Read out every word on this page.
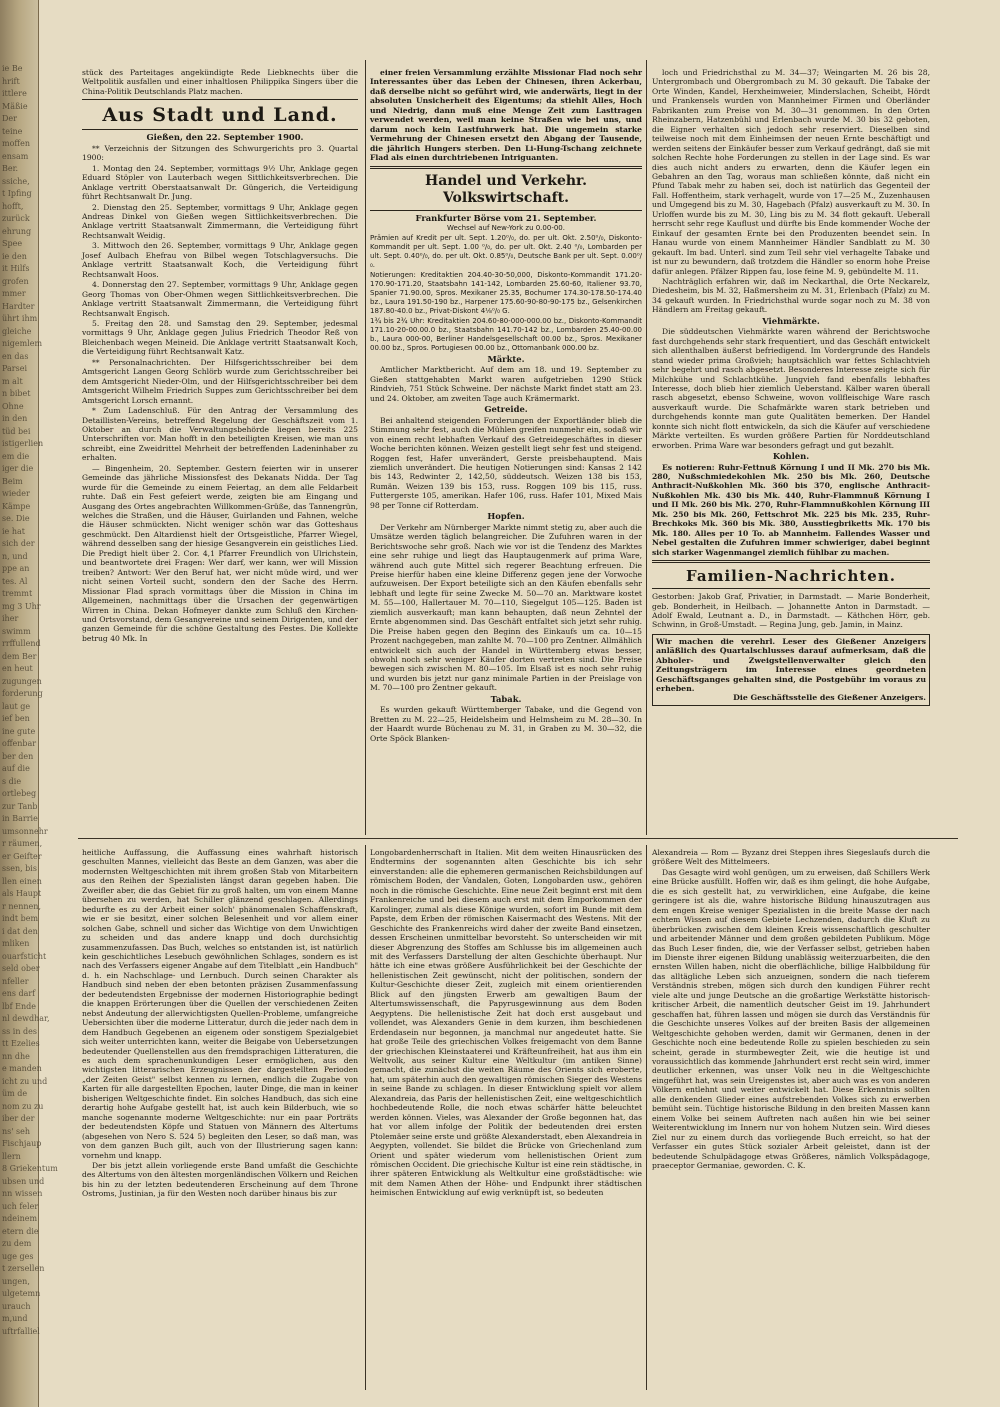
ie Be
hrift
ittlere
Mäßie
Der
teine
moffen
ensam
Ber.
ssiche,
t Ipfing
hofft,
zurück
ehrung
Spee
ie den
it Hilfs
grofen
mmer
Hardter
ührt ihm
gleiche
nigemlem
en das
Parsei
m alt
n bibet
Ohne
in den
tüd bei
istigerlien
em die
iger die
Beim
wieder
Kämpe
se. Die
ie hat
sich der
n, und
ppe an
tes. Al
tremmt
mg 3 Uhr
iher
swimm
rrffullend
dem Ber
en heut
zugungen
forderung
laut ge
ief ben
ine gute
offenbar
ber den
auf die
s die
ortlebeg
zur Tanb
in Barrie
umsonnehr
r räumen,
er Geifter
ssen, bis
llen einen
als Haupt
r nennen,
indt bem
i dat den
mliken
ouarfsticht
seld ober
nfeller
ens darf
lbf Ende
nl dewdhar,
ss in des
tt Ezelies
nn dhe
e manden
icht zu und
üm de
nom zu zu
iber der
ns' seh
Fischjaup
llern
8 Griekentum
ubsen und
nn wissen
uch feler
ndeinem
etern die
zu dem
uge ges
t zersellen
ungen,
ulgetemn
urauch
m,und
uftrfalliel

stück des Parteitages angekündigte Rede Liebknechts über die Weltpolitik ausfallen und einer inhaltlosen Philippika Singers über die China-Politik Deutschlands Platz machen.

Aus Stadt und Land.

Gießen, den 22. September 1900.

** Verzeichnis der Sitzungen des Schwurgerichts pro 3. Quartal 1900:

1. Montag den 24. September, vormittags 9½ Uhr, Anklage gegen Eduard Stöpler von Lauterbach wegen Sittlichkeitsverbrechen. Die Anklage vertritt Oberstaatsanwalt Dr. Güngerich, die Verteidigung führt Rechtsanwalt Dr. Jung.

2. Dienstag den 25. September, vormittags 9 Uhr, Anklage gegen Andreas Dinkel von Gießen wegen Sittlichkeitsverbrechen. Die Anklage vertritt Staatsanwalt Zimmermann, die Verteidigung führt Rechtsanwalt Weidig.

3. Mittwoch den 26. September, vormittags 9 Uhr, Anklage gegen Josef Aulbach Ehefrau von Bilbel wegen Totschlagversuchs. Die Anklage vertritt Staatsanwalt Koch, die Verteidigung führt Rechtsanwalt Hoos.

4. Donnerstag den 27. September, vormittags 9 Uhr, Anklage gegen Georg Thomas von Ober-Ohmen wegen Sittlichkeitsverbrechen. Die Anklage vertritt Staatsanwalt Zimmermann, die Verteidigung führt Rechtsanwalt Engisch.

5. Freitag den 28. und Samstag den 29. September, jedesmal vormittags 9 Uhr, Anklage gegen Julius Friedrich Theodor Reß von Bleichenbach wegen Meineid. Die Anklage vertritt Staatsanwalt Koch, die Verteidigung führt Rechtsanwalt Katz.

** Personalnachrichten. Der Hilfsgerichtsschreiber bei dem Amtsgericht Langen Georg Schlörb wurde zum Gerichtsschreiber bei dem Amtsgericht Nieder-Olm, und der Hilfsgerichtsschreiber bei dem Amtsgericht Wilhelm Friedrich Suppes zum Gerichtsschreiber bei dem Amtsgericht Lorsch ernannt.

* Zum Ladenschluß. Für den Antrag der Versammlung des Detaillisten-Vereins, betreffend Regelung der Geschäftszeit vom 1. Oktober an durch die Verwaltungsbehörde liegen bereits 225 Unterschriften vor. Man hofft in den beteiligten Kreisen, wie man uns schreibt, eine Zweidrittel Mehrheit der betreffenden Ladeninhaber zu erhalten.

— Bingenheim, 20. September. Gestern feierten wir in unserer Gemeinde das jährliche Missionsfest des Dekanats Nidda. Der Tag wurde für die Gemeinde zu einem Feiertag, an dem alle Feldarbeit ruhte. Daß ein Fest gefeiert werde, zeigten bie am Eingang und Ausgang des Ortes angebrachten Willkommen-Grüße, das Tannengrün, welches die Straßen, und die Häuser, Guirlanden und Fahnen, welche die Häuser schmückten. Nicht weniger schön war das Gotteshaus geschmückt. Den Altardienst hielt der Ortsgeistliche, Pfarrer Wiegel, während desselben sang der hiesige Gesangverein ein geistliches Lied. Die Predigt hielt über 2. Cor. 4,1 Pfarrer Freundlich von Ulrichstein, und beantwortete drei Fragen: Wer darf, wer kann, wer will Mission treiben? Antwort: Wer den Beruf hat, wer nicht müde wird, und wer nicht seinen Vorteil sucht, sondern den der Sache des Herrn. Missionar Flad sprach vormittags über die Mission in China im Allgemeinen, nachmittags über die Ursachen der gegenwärtigen Wirren in China. Dekan Hofmeyer dankte zum Schluß den Kirchen- und Ortsvorstand, dem Gesangvereine und seinem Dirigenten, und der ganzen Gemeinde für die schöne Gestaltung des Festes. Die Kollekte betrug 40 Mk. In

einer freien Versammlung erzählte Missionar Flad noch sehr Interessantes über das Leben der Chinesen, ihren Ackerbau, daß derselbe nicht so geführt wird, wie anderwärts, liegt in der absoluten Unsicherheit des Eigentums; da stiehlt Alles, Hoch und Niedrig, dann muß eine Menge Zeit zum Lasttragen verwendet werden, weil man keine Straßen wie bei uns, und darum noch kein Lastfuhrwerk hat. Die ungemein starke Vermehrung der Chinesen ersetzt den Abgang der Tausende, die jährlich Hungers sterben. Den Li-Hung-Tschang zeichnete Flad als einen durchtriebenen Intriguanten.

Handel und Verkehr. Volkswirtschaft.
Frankfurter Börse vom 21. September.

Wechsel auf New-York zu 0.00-00.

Prämien auf Kredit per ult. Sept. 1.20⁰/₀, do. per ult. Okt. 2.50⁰/₀, Diskonto-Kommandit per ult. Sept. 1.00 ⁰/₀, do. per ult. Okt. 2.40 ⁰/₀, Lombarden per ult. Sept. 0.40⁰/₀, do. per ult. Okt. 0.85⁰/₀, Deutsche Bank per ult. Sept. 0.00⁰/₀.

Notierungen: Kreditaktien 204.40-30-50,000, Diskonto-Kommandit 171.20-170.90-171.20, Staatsbahn 141-142, Lombarden 25.60-60, Italiener 93.70, Spanier 71.90.00, Spros. Mexikaner 25.35, Bochumer 174.30-178.50-174.40 bz., Laura 191.50-190 bz., Harpener 175.60-90-80-90-175 bz., Gelsenkirchen 187.80-40.0 bz., Privat-Diskont 4⅛⁰/₀ G.

1¾ bis 2¾ Uhr: Kreditaktien 204.60-80-000-000.00 bz., Diskonto-Kommandit 171.10-20-00.00.0 bz., Staatsbahn 141.70-142 bz., Lombarden 25.40-00.00 b., Laura 000-00, Berliner Handelsgesellschaft 00.00 bz., Spros. Mexikaner 00.00 bz., Spros. Portugiesen 00.00 bz., Ottomanbank 000.00 bz.

Märkte.

Amtlicher Marktbericht. Auf dem am 18. und 19. September zu Gießen stattgehabten Markt waren aufgetrieben 1290 Stück Rindvieh, 751 Stück Schweine. Der nächste Markt findet statt am 23. und 24. Oktober, am zweiten Tage auch Krämermarkt.

Getreide.

Bei anhaltend steigenden Forderungen der Exportländer blieb die Stimmung sehr fest, auch die Mühlen greifen nunmehr ein, sodaß wir von einem recht lebhaften Verkauf des Getreidegeschäftes in dieser Woche berichten können. Weizen gestellt liegt sehr fest und steigend. Roggen fest, Hafer unverändert, Gerste preisbehauptend. Mais ziemlich unverändert. Die heutigen Notierungen sind: Kansas 2 142 bis 143, Redwinter 2, 142,50, süddeutsch. Weizen 138 bis 153, Rumän. Weizen 139 bis 153, russ. Roggen 109 bis 115, russ. Futtergerste 105, amerikan. Hafer 106, russ. Hafer 101, Mixed Mais 98 per Tonne cif Rotterdam.

Hopfen.

Der Verkehr am Nürnberger Markte nimmt stetig zu, aber auch die Umsätze werden täglich belangreicher. Die Zufuhren waren in der Berichtswoche sehr groß. Nach wie vor ist die Tendenz des Marktes eine sehr ruhige und liegt das Hauptaugenmerk auf prima Ware, während auch gute Mittel sich regerer Beachtung erfreuen. Die Preise hierfür haben eine kleine Differenz gegen jene der Vorwoche aufzuweisen. Der Export beteiligte sich an den Käufen ebenfalls sehr lebhaft und legte für seine Zwecke M. 50—70 an. Marktware kostet M. 55—100, Hallertauer M. 70—110, Siegelgut 105—125. Baden ist ziemlich ausverkauft; man kann behaupten, daß neun Zehntel der Ernte abgenommen sind. Das Geschäft entfaltet sich jetzt sehr ruhig. Die Preise haben gegen den Beginn des Einkaufs um ca. 10—15 Prozent nachgegeben, man zahlte M. 70—100 pro Zentner. Allmählich entwickelt sich auch der Handel in Württemberg etwas besser, obwohl noch sehr weniger Käufer dorten vertreten sind. Die Preise bewegen sich zwischen M. 80—105. Im Elsaß ist es noch sehr ruhig und wurden bis jetzt nur ganz minimale Partien in der Preislage von M. 70—100 pro Zentner gekauft.

Tabak.

Es wurden gekauft Württemberger Tabake, und die Gegend von Bretten zu M. 22—25, Heidelsheim und Helmsheim zu M. 28—30. In der Haardt wurde Büchenau zu M. 31, in Graben zu M. 30—32, die Orte Spöck Blanken-

loch und Friedrichsthal zu M. 34—37; Weingarten M. 26 bis 28, Untergrombach und Obergrombach zu M. 30 gekauft. Die Tabake der Orte Winden, Kandel, Herxheimweier, Minderslachen, Scheibt, Hördt und Frankensels wurden von Mannheimer Firmen und Oberländer Fabrikanten zum Preise von M. 30—31 genommen. In den Orten Rheinzabern, Hatzenbühl und Erlenbach wurde M. 30 bis 32 geboten, die Eigner verhalten sich jedoch sehr reserviert. Dieselben sind teilweise noch mit dem Einheimsen der neuen Ernte beschäftigt und werden seitens der Einkäufer besser zum Verkauf gedrängt, daß sie mit solchen Rechte hohe Forderungen zu stellen in der Lage sind. Es war dies auch nicht anders zu erwarten, denn die Käufer legen ein Gebahren an den Tag, woraus man schließen könnte, daß nicht ein Pfund Tabak mehr zu haben sei, doch ist natürlich das Gegenteil der Fall. Hoffentheim, stark verhagelt, wurde von 17—25 M., Zuzenhausen und Umgegend bis zu M. 30, Hagebach (Pfalz) ausverkauft zu M. 30. In Urloffen wurde bis zu M. 30, Ling bis zu M. 34 flott gekauft. Ueberall herrscht sehr rege Kauflust und dürfte bis Ende kommender Woche der Einkauf der gesamten Ernte bei den Produzenten beendet sein. In Hanau wurde von einem Mannheimer Händler Sandblatt zu M. 30 gekauft. Im bad. Unterl. sind zum Teil sehr viel verhagelte Tabake und ist nur zu bewundern, daß trotzdem die Händler so enorm hohe Preise dafür anlegen. Pfälzer Rippen fau, lose feine M. 9, gebündelte M. 11.

Nachträglich erfahren wir, daß im Neckarthal, die Orte Neckarelz, Diedesheim, bis M. 32, Haßmersheim zu M. 31, Erlenbach (Pfalz) zu M. 34 gekauft wurden. In Friedrichsthal wurde sogar noch zu M. 38 von Händlern am Freitag gekauft.

Viehmärkte.

Die süddeutschen Viehmärkte waren während der Berichtswoche fast durchgehends sehr stark frequentiert, und das Geschäft entwickelt sich allenthalben äußerst befriedigend. Im Vordergrunde des Handels stand wieder prima Großvieh; hauptsächlich war fettes Schlachtvieh sehr begehrt und rasch abgesetzt. Besonderes Interesse zeigte sich für Milchkühe und Schlachtkühe. Jungvieh fand ebenfalls lebhaftes Interesse, doch blieb hier ziemlich Ueberstand. Kälber waren überall rasch abgesetzt, ebenso Schweine, wovon vollfleischige Ware rasch ausverkauft wurde. Die Schafmärkte waren stark betrieben und durchgehends konnte man gute Qualitäten bemerken. Der Handel konnte sich nicht flott entwickeln, da sich die Käufer auf verschiedene Märkte verteilten. Es wurden größere Partien für Norddeutschland erworben. Prima Ware war besonders gefragt und gut bezahlt.

Kohlen.

Es notieren: Ruhr-Fettnuß Körnung I und II Mk. 270 bis Mk. 280, Nußschmiedekohlen Mk. 250 bis Mk. 260, Deutsche Anthracit-Nußkohlen Mk. 360 bis 370, englische Anthracit-Nußkohlen Mk. 430 bis Mk. 440, Ruhr-Flammnuß Körnung I und II Mk. 260 bis Mk. 270, Ruhr-Flammnußkohlen Körnung III Mk. 250 bis Mk. 260, Fettschrot Mk. 225 bis Mk. 235, Ruhr-Brechkoks Mk. 360 bis Mk. 380, Ausstiegbriketts Mk. 170 bis Mk. 180. Alles per 10 To. ab Mannheim. Fallendes Wasser und Nebel gestalten die Zufuhren immer schwieriger, dabei beginnt sich starker Wagenmangel ziemlich fühlbar zu machen.

Familien-Nachrichten.

Gestorben: Jakob Graf, Privatier, in Darmstadt. — Marie Bonderheit, geb. Bonderheit, in Heilbach. — Johannette Anton in Darmstadt. — Adolf Ewald, Leutnant a. D., in Darmstadt. — Käthchen Hörr, geb. Schwinn, in Groß-Umstadt. — Regina Jung, geb. Jamin, in Mainz.

Wir machen die verehrl. Leser des Gießener Anzeigers anläßlich des Quartalschlusses darauf aufmerksam, daß die Abholer- und Zweigstellenverwalter gleich den Zeitungsträgern im Interesse eines geordneten Geschäftsganges gehalten sind, die Postgebühr im voraus zu erheben.
Die Geschäftsstelle des Gießener Anzeigers.

heitliche Auffassung, die Auffassung eines wahrhaft historisch geschulten Mannes, vielleicht das Beste an dem Ganzen, was aber die modernsten Weltgeschichten mit ihrem großen Stab von Mitarbeitern aus den Reihen der Spezialisten längst daran gegeben haben. Die Zweifler aber, die das Gebiet für zu groß halten, um von einem Manne übersehen zu werden, hat Schiller glänzend geschlagen. Allerdings bedurfte es zu der Arbeit einer solch' phänomenalen Schaffenskraft, wie er sie besitzt, einer solchen Belesenheit und vor allem einer solchen Gabe, schnell und sicher das Wichtige von dem Unwichtigen zu scheiden und das andere knapp und doch durchsichtig zusammenzufassen. Das Buch, welches so entstanden ist, ist natürlich kein geschichtliches Lesebuch gewöhnlichen Schlages, sondern es ist nach des Verfassers eigener Angabe auf dem Titelblatt „ein Handbuch" d. h. ein Nachschlage- und Lernbuch. Durch seinen Charakter als Handbuch sind neben der eben betonten präzisen Zusammenfassung der bedeutendsten Ergebnisse der modernen Historiographie bedingt die knappen Erörterungen über die Quellen der verschiedenen Zeiten nebst Andeutung der allerwichtigsten Quellen-Probleme, umfangreiche Uebersichten über die moderne Litteratur, durch die jeder nach dem in dem Handbuch Gegebenen an eigenem oder sonstigem Spezialgebiet sich weiter unterrichten kann, weiter die Beigabe von Uebersetzungen bedeutender Quellenstellen aus den fremdsprachigen Litteraturen, die es auch dem sprachenunkundigen Leser ermöglichen, aus den wichtigsten litterarischen Erzeugnissen der dargestellten Perioden „der Zeiten Geist" selbst kennen zu lernen, endlich die Zugabe von Karten für alle dargestellten Epochen, lauter Dinge, die man in keiner bisherigen Weltgeschichte findet. Ein solches Handbuch, das sich eine derartig hohe Aufgabe gestellt hat, ist auch kein Bilderbuch, wie so manche sogenannte moderne Weltgeschichte: nur ein paar Porträts der bedeutendsten Köpfe und Statuen von Männern des Altertums (abgesehen von Nero S. 524 5) begleiten den Leser, so daß man, was von dem ganzen Buch gilt, auch von der Illustrierung sagen kann: vornehm und knapp.

Der bis jetzt allein vorliegende erste Band umfaßt die Geschichte des Altertums von den ältesten morgenländischen Völkern und Reichen bis hin zu der letzten bedeutenderen Erscheinung auf dem Throne Ostroms, Justinian, ja für den Westen noch darüber hinaus bis zur

Longobardenherrschaft in Italien. Mit dem weiten Hinausrücken des Endtermins der sogenannten alten Geschichte bis ich sehr einverstanden: alle die ephemeren germanischen Reichsbildungen auf römischem Boden, der Vandalen, Goten, Longobarden usw., gehören noch in die römische Geschichte. Eine neue Zeit beginnt erst mit dem Frankenreiche und bei diesem auch erst mit dem Emporkommen der Karolinger, zumal als diese Könige wurden, sofort im Bunde mit dem Papste, dem Erben der römischen Kaisermacht des Westens. Mit der Geschichte des Frankenreichs wird daher der zweite Band einsetzen, dessen Erscheinen unmittelbar bevorsteht. So unterscheiden wir mit dieser Abgrenzung des Stoffes am Schlusse bis im allgemeinen auch mit des Verfassers Darstellung der alten Geschichte überhaupt. Nur hätte ich eine etwas größere Ausführlichkeit bei der Geschichte der hellenistischen Zeit gewünscht, nicht der politischen, sondern der Kultur-Geschichte dieser Zeit, zugleich mit einem orientierenden Blick auf den jüngsten Erwerb am gewaltigen Baum der Altertumswissenschaft, die Papyrusgewinnung aus dem Boden Aegyptens. Die hellenistische Zeit hat doch erst ausgebaut und vollendet, was Alexanders Genie in dem kurzen, ihm beschiedenen Erdendasein nur begonnen, ja manchmal nur angedeutet hatte. Sie hat große Teile des griechischen Volkes freigemacht von dem Banne der griechischen Kleinstaaterei und Kräfteunfreiheit, hat aus ihm ein Weltvolk, aus seiner Kultur eine Weltkultur (im antiken Sinne) gemacht, die zunächst die weiten Räume des Orients sich eroberte, hat, um späterhin auch den gewaltigen römischen Sieger des Westens in seine Bande zu schlagen. In dieser Entwicklung spielt vor allem Alexandreia, das Paris der hellenistischen Zeit, eine weltgeschichtlich hochbedeutende Rolle, die noch etwas schärfer hätte beleuchtet werden können. Vieles, was Alexander der Große begonnen hat, das hat vor allem infolge der Politik der bedeutenden drei ersten Ptolemäer seine erste und größte Alexanderstadt, eben Alexandreia in Aegypten, vollendet. Sie bildet die Brücke von Griechenland zum Orient und später wiederum vom hellenistischen Orient zum römischen Occident. Die griechische Kultur ist eine rein städtische, in ihrer späteren Entwicklung als Weltkultur eine großstädtische: wie mit dem Namen Athen der Höhe- und Endpunkt ihrer städtischen heimischen Entwicklung auf ewig verknüpft ist, so bedeuten

Alexandreia — Rom — Byzanz drei Steppen ihres Siegeslaufs durch die größere Welt des Mittelmeers.

Das Gesagte wird wohl genügen, um zu erweisen, daß Schillers Werk eine Brücke ausfüllt. Hoffen wir, daß es ihm gelingt, die hohe Aufgabe, die es sich gestellt hat, zu verwirklichen, eine Aufgabe, die keine geringere ist als die, wahre historische Bildung hinauszutragen aus dem engen Kreise weniger Spezialisten in die breite Masse der nach echtem Wissen auf diesem Gebiete Lechzenden, dadurch die Kluft zu überbrücken zwischen dem kleinen Kreis wissenschaftlich geschulter und arbeitender Männer und dem großen gebildeten Publikum. Möge das Buch Leser finden, die, wie der Verfasser selbst, getrieben haben im Dienste ihrer eigenen Bildung unablässig weiterzuarbeiten, die den ernsten Willen haben, nicht die oberflächliche, billige Halbbildung für das alltägliche Leben sich anzueignen, sondern die nach tieferem Verständnis streben, mögen sich durch den kundigen Führer recht viele alte und junge Deutsche an die großartige Werkstätte historisch-kritischer Arbeit, die namentlich deutscher Geist im 19. Jahrhundert geschaffen hat, führen lassen und mögen sie durch das Verständnis für die Geschichte unseres Volkes auf der breiten Basis der allgemeinen Weltgeschichte gehoben werden, damit wir Germanen, denen in der Geschichte noch eine bedeutende Rolle zu spielen beschieden zu sein scheint, gerade in sturmbewegter Zeit, wie die heutige ist und voraussichtlich das kommende Jahrhundert erst recht sein wird, immer deutlicher erkennen, was unser Volk neu in die Weltgeschichte eingeführt hat, was sein Ureigenstes ist, aber auch was es von anderen Völkern entlehnt und weiter entwickelt hat. Diese Erkenntnis sollten alle denkenden Glieder eines aufstrebenden Volkes sich zu erwerben bemüht sein. Tüchtige historische Bildung in den breiten Massen kann einem Volke bei seinem Auftreten nach außen hin wie bei seiner Weiterentwicklung im Innern nur von hohem Nutzen sein. Wird dieses Ziel nur zu einem durch das vorliegende Buch erreicht, so hat der Verfasser ein gutes Stück sozialer Arbeit geleistet, dann ist der bedeutende Schulpädagoge etwas Größeres, nämlich Volkspädagoge, praeceptor Germaniae, geworden. C. K.
